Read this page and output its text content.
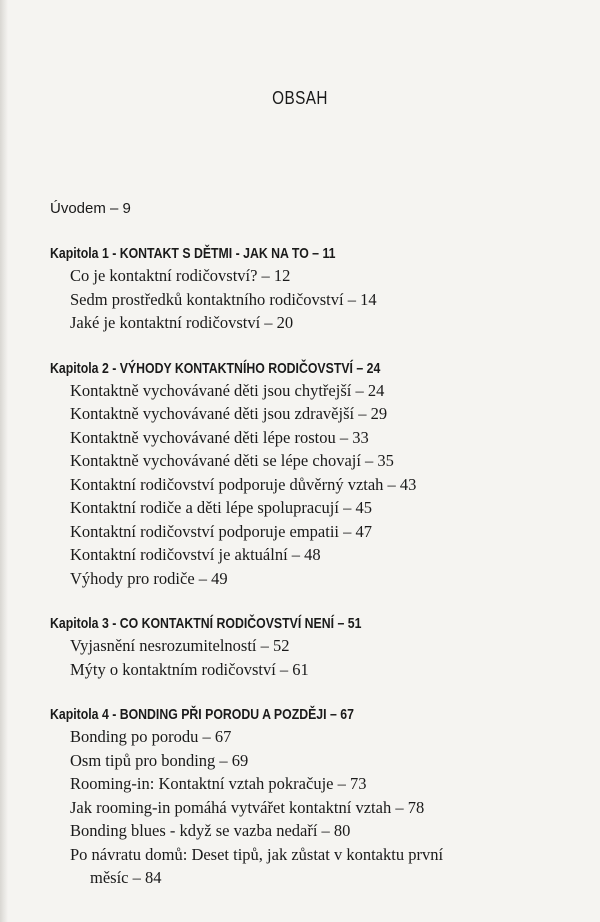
OBSAH
Úvodem – 9
Kapitola 1 - KONTAKT S DĚTMI - JAK NA TO – 11
Co je kontaktní rodičovství? – 12
Sedm prostředků kontaktního rodičovství – 14
Jaké je kontaktní rodičovství – 20
Kapitola 2 - VÝHODY KONTAKTNÍHO RODIČOVSTVÍ – 24
Kontaktně vychovávané děti jsou chytřejší – 24
Kontaktně vychovávané děti jsou zdravější – 29
Kontaktně vychovávané děti lépe rostou – 33
Kontaktně vychovávané děti se lépe chovají – 35
Kontaktní rodičovství podporuje důvěrný vztah – 43
Kontaktní rodiče a děti lépe spolupracují – 45
Kontaktní rodičovství podporuje empatii – 47
Kontaktní rodičovství je aktuální – 48
Výhody pro rodiče – 49
Kapitola 3 - CO KONTAKTNÍ RODIČOVSTVÍ NENÍ – 51
Vyjasnění nesrozumitelností – 52
Mýty o kontaktním rodičovství – 61
Kapitola 4 - BONDING PŘI PORODU A POZDĚJI – 67
Bonding po porodu – 67
Osm tipů pro bonding – 69
Rooming-in: Kontaktní vztah pokračuje – 73
Jak rooming-in pomáhá vytvářet kontaktní vztah – 78
Bonding blues - když se vazba nedaří – 80
Po návratu domů: Deset tipů, jak zůstat v kontaktu první
měsíc – 84
